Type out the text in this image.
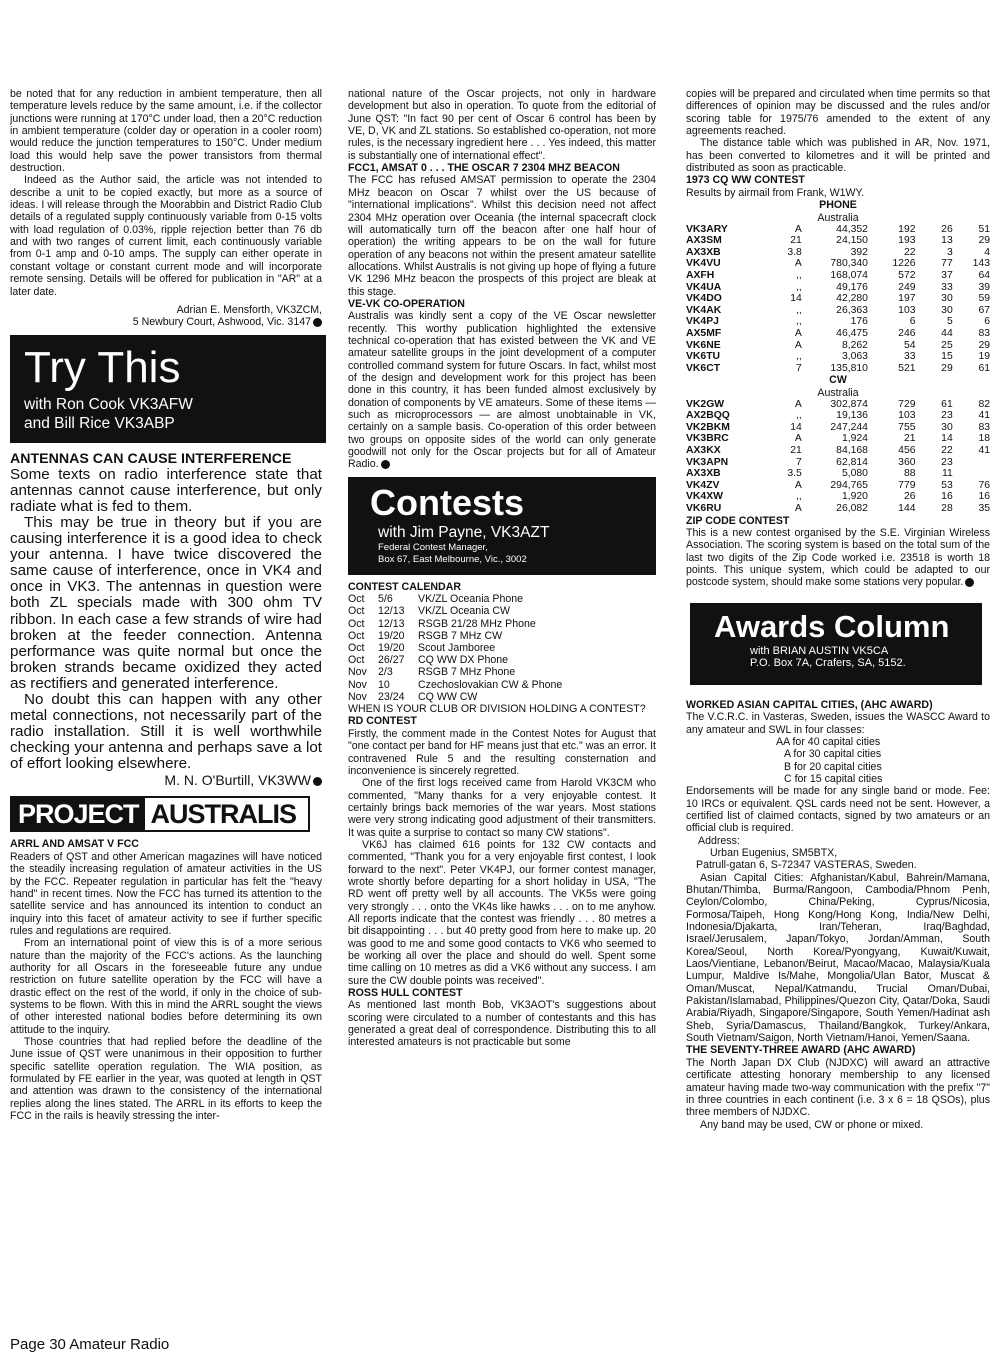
be noted that for any reduction in ambient temperature, then all temperature levels reduce by the same amount, i.e. if the collector junctions were running at 170°C under load, then a 20°C reduction in ambient temperature (colder day or operation in a cooler room) would reduce the junction temperatures to 150°C. Under medium load this would help save the power transistors from thermal destruction.

Indeed as the Author said, the article was not intended to describe a unit to be copied exactly, but more as a source of ideas. I will release through the Moorabbin and District Radio Club details of a regulated supply continuously variable from 0-15 volts with load regulation of 0.03%, ripple rejection better than 76 db and with two ranges of current limit, each continuously variable from 0-1 amp and 0-10 amps. The supply can either operate in constant voltage or constant current mode and will incorporate remote sensing. Details will be offered for publication in "AR" at a later date.

Adrian E. Mensforth, VK3ZCM,
5 Newbury Court, Ashwood, Vic. 3147
Try This
with Ron Cook VK3AFW
and Bill Rice VK3ABP

ANTENNAS CAN CAUSE INTERFERENCE

Some texts on radio interference state that antennas cannot cause interference, but only radiate what is fed to them.

This may be true in theory but if you are causing interference it is a good idea to check your antenna. I have twice discovered the same cause of interference, once in VK4 and once in VK3. The antennas in question were both ZL specials made with 300 ohm TV ribbon. In each case a few strands of wire had broken at the feeder connection. Antenna performance was quite normal but once the broken strands became oxidized they acted as rectifiers and generated interference.

No doubt this can happen with any other metal connections, not necessarily part of the radio installation. Still it is well worthwhile checking your antenna and perhaps save a lot of effort looking elsewhere.

M. N. O'Burtill, VK3WW
PROJECT AUSTRALIS

ARRL AND AMSAT V FCC

Readers of QST and other American magazines will have noticed the steadily increasing regulation of amateur activities in the US by the FCC. Repeater regulation in particular has felt the "heavy hand" in recent times. Now the FCC has turned its attention to the satellite service and has announced its intention to conduct an inquiry into this facet of amateur activity to see if further specific rules and regulations are required.

From an international point of view this is of a more serious nature than the majority of the FCC's actions. As the launching authority for all Oscars in the foreseeable future any undue restriction on future satellite operation by the FCC will have a drastic effect on the rest of the world, if only in the choice of sub-systems to be flown. With this in mind the ARRL sought the views of other interested national bodies before determining its own attitude to the inquiry.

Those countries that had replied before the deadline of the June issue of QST were unanimous in their opposition to further specific satellite operation regulation. The WIA position, as formulated by FE earlier in the year, was quoted at length in QST and attention was drawn to the consistency of the international replies along the lines stated. The ARRL in its efforts to keep the FCC in the rails is heavily stressing the inter-

national nature of the Oscar projects, not only in hardware development but also in operation. To quote from the editorial of June QST: "In fact 90 per cent of Oscar 6 control has been by VE, D, VK and ZL stations. So established co-operation, not more rules, is the necessary ingredient here . . . Yes indeed, this matter is substantially one of international effect".

FCC1, AMSAT 0 . . . THE OSCAR 7 2304 MHZ BEACON

The FCC has refused AMSAT permission to operate the 2304 MHz beacon on Oscar 7 whilst over the US because of "international implications". Whilst this decision need not affect 2304 MHz operation over Oceania (the internal spacecraft clock will automatically turn off the beacon after one half hour of operation) the writing appears to be on the wall for future operation of any beacons not within the present amateur satellite allocations. Whilst Australis is not giving up hope of flying a future VK 1296 MHz beacon the prospects of this project are bleak at this stage.

VE-VK CO-OPERATION

Australis was kindly sent a copy of the VE Oscar newsletter recently. This worthy publication highlighted the extensive technical co-operation that has existed between the VK and VE amateur satellite groups in the joint development of a computer controlled command system for future Oscars. In fact, whilst most of the design and development work for this project has been done in this country, it has been funded almost exclusively by donation of components by VE amateurs. Some of these items — such as microprocessors — are almost unobtainable in VK, certainly on a sample basis. Co-operation of this order between two groups on opposite sides of the world can only generate goodwill not only for the Oscar projects but for all of Amateur Radio.

Contests
with Jim Payne, VK3AZT
Federal Contest Manager,
Box 67, East Melbourne, Vic., 3002

CONTEST CALENDAR

Oct	5/6	VK/ZL Oceania Phone
Oct	12/13	VK/ZL Oceania CW
Oct	12/13	RSGB 21/28 MHz Phone
Oct	19/20	RSGB 7 MHz CW
Oct	19/20	Scout Jamboree
Oct	26/27	CQ WW DX Phone
Nov	2/3	RSGB 7 MHz Phone
Nov	10	Czechoslovakian CW & Phone
Nov	23/24	CQ WW CW

WHEN IS YOUR CLUB OR DIVISION HOLDING A CONTEST?

RD CONTEST

Firstly, the comment made in the Contest Notes for August that "one contact per band for HF means just that etc." was an error. It contravened Rule 5 and the resulting consternation and inconvenience is sincerely regretted.

One of the first logs received came from Harold VK3CM who commented, "Many thanks for a very enjoyable contest. It certainly brings back memories of the war years. Most stations were very strong indicating good adjustment of their transmitters. It was quite a surprise to contact so many CW stations".

VK6J has claimed 616 points for 132 CW contacts and commented, "Thank you for a very enjoyable first contest, I look forward to the next". Peter VK4PJ, our former contest manager, wrote shortly before departing for a short holiday in USA, "The RD went off pretty well by all accounts. The VK5s were going very strongly . . . onto the VK4s like hawks . . . on to me anyhow. All reports indicate that the contest was friendly . . . 80 metres a bit disappointing . . . but 40 pretty good from here to make up. 20 was good to me and some good contacts to VK6 who seemed to be working all over the place and should do well. Spent some time calling on 10 metres as did a VK6 without any success. I am sure the CW double points was received".

ROSS HULL CONTEST

As mentioned last month Bob, VK3AOT's suggestions about scoring were circulated to a number of contestants and this has generated a great deal of correspondence. Distributing this to all interested amateurs is not practicable but some

copies will be prepared and circulated when time permits so that differences of opinion may be discussed and the rules and/or scoring table for 1975/76 amended to the extent of any agreements reached.

The distance table which was published in AR, Nov. 1971, has been converted to kilometres and it will be printed and distributed as soon as practicable.

1973 CQ WW CONTEST

Results by airmail from Frank, W1WY.

PHONE
Australia
VK3ARY	A	44,352	192	26	51
AX3SM	21	24,150	193	13	29
AX3XB	3.8	392	22	3	4
VK4VU	A	780,340	1226	77	143
AXFH	,,	168,074	572	37	64
VK4UA	,,	49,176	249	33	39
VK4DO	14	42,280	197	30	59
VK4AK	,,	26,363	103	30	67
VK4PJ	,,	176	6	5	6
AX5MF	A	46,475	246	44	83
VK6NE	A	8,262	54	25	29
VK6TU	,,	3,063	33	15	19
VK6CT	7	135,810	521	29	61
CW
Australia
VK2GW	A	302,874	729	61	82
AX2BQQ	,,	19,136	103	23	41
VK2BKM	14	247,244	755	30	83
VK3BRC	A	1,924	21	14	18
AX3KX	21	84,168	456	22	41
VK3APN	7	62,814	360	23	
AX3XB	3.5	5,080	88	11	
VK4ZV	A	294,765	779	53	76
VK4XW	,,	1,920	26	16	16
VK6RU	A	26,082	144	28	35

ZIP CODE CONTEST

This is a new contest organised by the S.E. Virginian Wireless Association. The scoring system is based on the total sum of the last two digits of the Zip Code worked i.e. 23518 is worth 18 points. This unique system, which could be adapted to our postcode system, should make some stations very popular.

Awards Column
with BRIAN AUSTIN VK5CA
P.O. Box 7A, Crafers, SA, 5152.

WORKED ASIAN CAPITAL CITIES, (AHC AWARD)

The V.C.R.C. in Vasteras, Sweden, issues the WASCC Award to any amateur and SWL in four classes:

AA for 40 capital cities

A for 30 capital cities

B for 20 capital cities

C for 15 capital cities

Endorsements will be made for any single band or mode. Fee: 10 IRCs or equivalent. QSL cards need not be sent. However, a certified list of claimed contacts, signed by two amateurs or an official club is required.

Address:

Urban Eugenius, SM5BTX,

Patrull-gatan 6, S-72347 VASTERAS, Sweden.

Asian Capital Cities: Afghanistan/Kabul, Bahrein/Mamana, Bhutan/Thimba, Burma/Rangoon, Cambodia/Phnom Penh, Ceylon/Colombo, China/Peking, Cyprus/Nicosia, Formosa/Taipeh, Hong Kong/Hong Kong, India/New Delhi, Indonesia/Djakarta, Iran/Teheran, Iraq/Baghdad, Israel/Jerusalem, Japan/Tokyo, Jordan/Amman, South Korea/Seoul, North Korea/Pyongyang, Kuwait/Kuwait, Laos/Vientiane, Lebanon/Beirut, Macao/Macao, Malaysia/Kuala Lumpur, Maldive Is/Mahe, Mongolia/Ulan Bator, Muscat & Oman/Muscat, Nepal/Katmandu, Trucial Oman/Dubai, Pakistan/Islamabad, Philippines/Quezon City, Qatar/Doka, Saudi Arabia/Riyadh, Singapore/Singapore, South Yemen/Hadinat ash Sheb, Syria/Damascus, Thailand/Bangkok, Turkey/Ankara, South Vietnam/Saigon, North Vietnam/Hanoi, Yemen/Saana.

THE SEVENTY-THREE AWARD (AHC AWARD)

The North Japan DX Club (NJDXC) will award an attractive certificate attesting honorary membership to any licensed amateur having made two-way communication with the prefix "7" in three countries in each continent (i.e. 3 x 6 = 18 QSOs), plus three members of NJDXC.

Any band may be used, CW or phone or mixed.

Page 30 Amateur Radio
